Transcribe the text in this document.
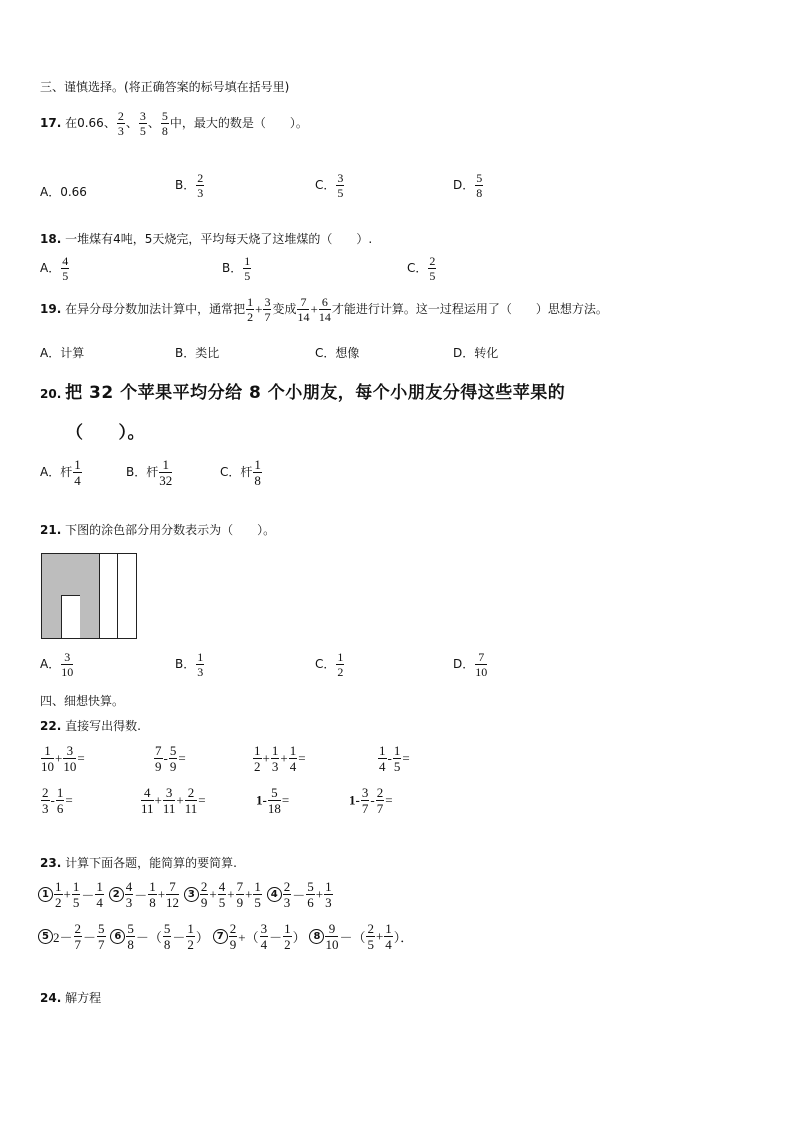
三、谨慎选择。(将正确答案的标号填在括号里)
17. 在0.66、 $\frac{2}{3}$ 、 $\frac{3}{5}$ 、 $\frac{5}{8}$ 中，最大的数是（　　）。
A．0.66	B． $\frac{2}{3}$	C． $\frac{3}{5}$	D． $\frac{5}{8}$
18. 一堆煤有4吨，5天烧完，平均每天烧了这堆煤的（　　）.
A． $\frac{4}{5}$	B． $\frac{1}{5}$	C． $\frac{2}{5}$
19. 在异分母分数加法计算中，通常把 $\frac{1}{2} + \frac{3}{7}$ 变成 $\frac{7}{14} + \frac{6}{14}$ 才能进行计算。这一过程运用了（　　）思想方法。
A．计算	B．类比	C．想像	D．转化
20. 把 32 个苹果平均分给 8 个小朋友，每个小朋友分得这些苹果的
（　　）。
A．杆 $\frac{1}{4}$	B．杆 $\frac{1}{32}$	C．杆 $\frac{1}{8}$
21. 下图的涂色部分用分数表示为（　　）。
A． $\frac{3}{10}$	B． $\frac{1}{3}$	C． $\frac{1}{2}$	D． $\frac{7}{10}$
四、细想快算。
22. 直接写出得数.
$\frac{1}{10} + \frac{3}{10}$ =	$\frac{7}{9} - \frac{5}{9}$ =	$\frac{1}{2} + \frac{1}{3} + \frac{1}{4}$ =	$\frac{1}{4} - \frac{1}{5}$ =
$\frac{2}{3} - \frac{1}{6}$ =	$\frac{4}{11} + \frac{3}{11} + \frac{2}{11}$ =	$1- \frac{5}{18}$ =	$1- \frac{3}{7} - \frac{2}{7}$ =
23. 计算下面各题，能简算的要简算.
$1 \frac{1}{2} + \frac{1}{5} - \frac{1}{4} 2 \frac{4}{3} - \frac{1}{8} + \frac{7}{12} 3 \frac{2}{9} + \frac{4}{5} + \frac{7}{9} + \frac{1}{5} 4 \frac{2}{3} - \frac{5}{6} + \frac{1}{3}$
5 $2- \frac{2}{7} - \frac{5}{7} 6 \frac{5}{8}$ －（ $\frac{5}{8} - \frac{1}{2}$ ） $7 \frac{2}{9}$ +（ $\frac{3}{4} - \frac{1}{2}$ ） $8 \frac{9}{10}$ －（ $\frac{2}{5} + \frac{1}{4}$ ）．
24. 解方程
